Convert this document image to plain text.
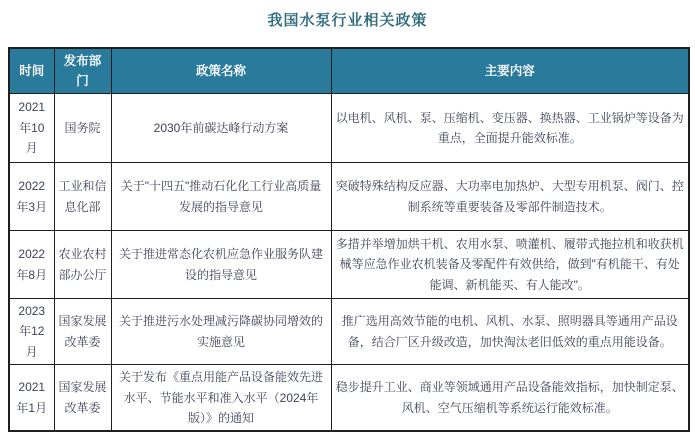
我国水泵行业相关政策
时间	发布部门	政策名称	主要内容
2021年10月	国务院	2030年前碳达峰行动方案	以电机、风机、泵、压缩机、变压器、换热器、工业锅炉等设备为重点，全面提升能效标准。
2022年3月	工业和信息化部	关于"十四五"推动石化化工行业高质量发展的指导意见	突破特殊结构反应器、大功率电加热炉、大型专用机泵、阀门、控制系统等重要装备及零部件制造技术。
2022年8月	农业农村部办公厅	关于推进常态化农机应急作业服务队建设的指导意见	多措并举增加烘干机、农用水泵、喷灌机、履带式拖拉机和收获机械等应急作业农机装备及零配件有效供给，做到"有机能干、有处能调、新机能买、有人能改"。
2023年12月	国家发展改革委	关于推进污水处理减污降碳协同增效的实施意见	推广选用高效节能的电机、风机、水泵、照明器具等通用产品设备，结合厂区升级改造，加快淘汰老旧低效的重点用能设备。
2021年1月	国家发展改革委	关于发布《重点用能产品设备能效先进水平、节能水平和准入水平（2024年版）》的通知	稳步提升工业、商业等领域通用产品设备能效指标，加快制定泵、风机、空气压缩机等系统运行能效标准。
